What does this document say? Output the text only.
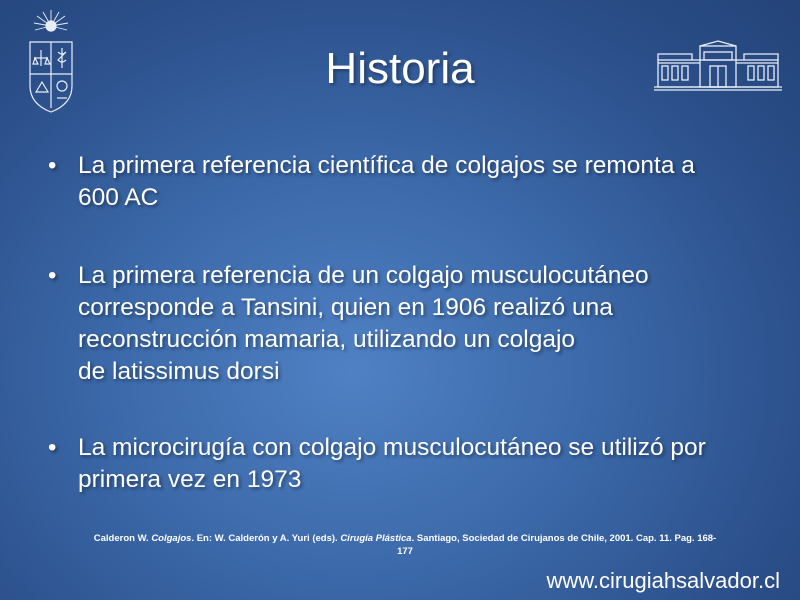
Historia
• La primera referencia científica de colgajos se remonta a
600 AC
• La primera referencia de un colgajo musculocutáneo
corresponde a Tansini, quien en 1906 realizó una
reconstrucción mamaria, utilizando un colgajo
de latissimus dorsi
• La microcirugía con colgajo musculocutáneo se utilizó por
primera vez en 1973
Calderon W. Colgajos. En: W. Calderón y A. Yuri (eds). Cirugía Plástica. Santiago, Sociedad de Cirujanos de Chile, 2001. Cap. 11. Pag. 168-
177
www.cirugiahsalvador.cl
